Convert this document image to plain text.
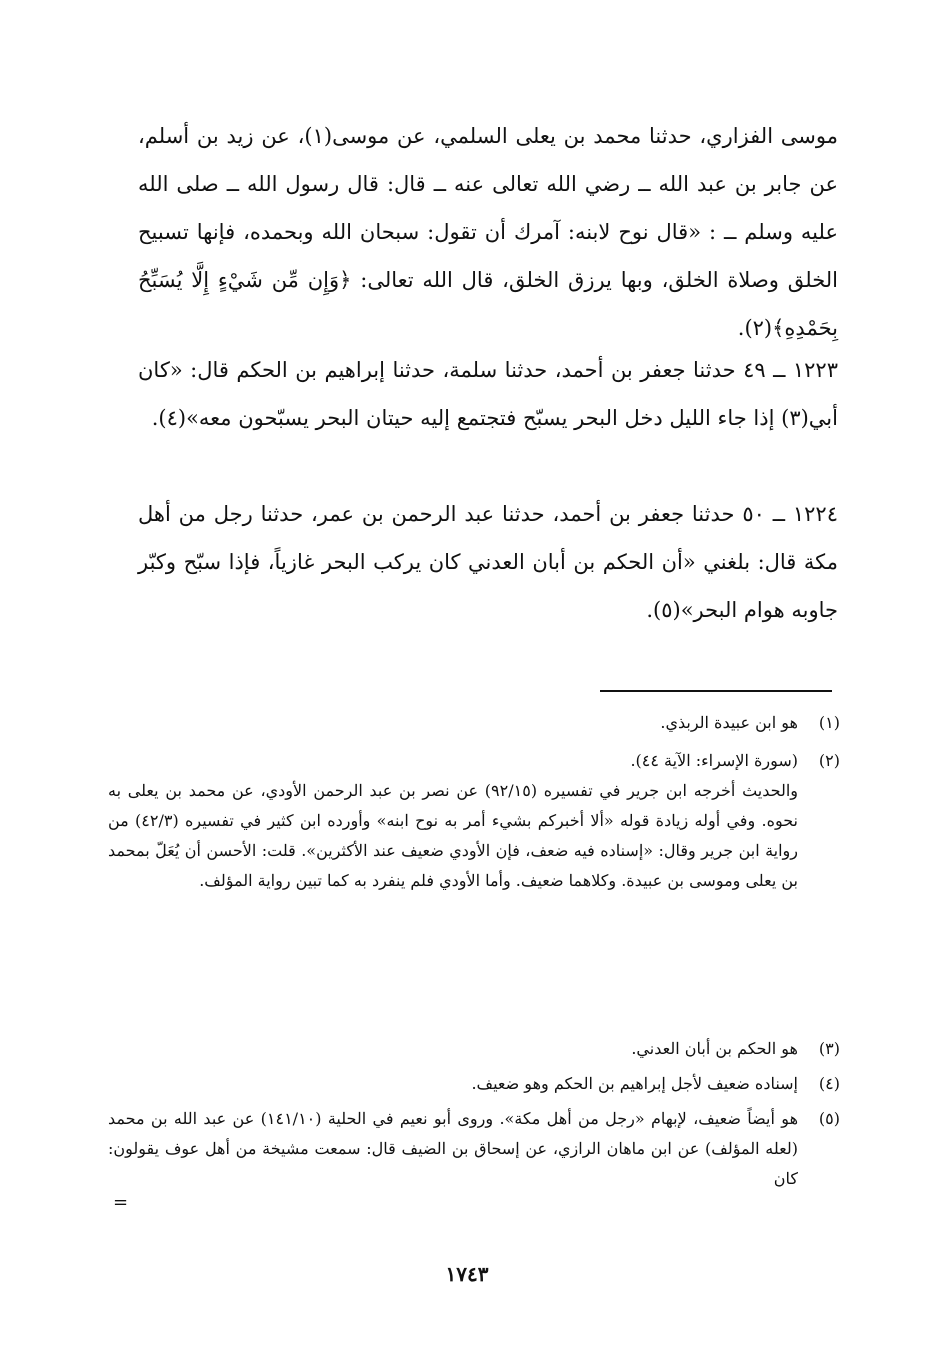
موسى الفزاري، حدثنا محمد بن يعلى السلمي، عن موسى(١)، عن زيد بن أسلم، عن جابر بن عبد الله ــ رضي الله تعالى عنه ــ قال: قال رسول الله ــ صلى الله عليه وسلم ــ : «قال نوح لابنه: آمرك أن تقول: سبحان الله وبحمده، فإنها تسبيح الخلق وصلاة الخلق، وبها يرزق الخلق، قال الله تعالى: ﴿وَإِن مِّن شَيْءٍ إِلَّا يُسَبِّحُ بِحَمْدِهِ﴾(٢).
١٢٢٣ ــ ٤٩ حدثنا جعفر بن أحمد، حدثنا سلمة، حدثنا إبراهيم بن الحكم قال: «كان أبي(٣) إذا جاء الليل دخل البحر يسبّح فتجتمع إليه حيتان البحر يسبّحون معه»(٤).
١٢٢٤ ــ ٥٠ حدثنا جعفر بن أحمد، حدثنا عبد الرحمن بن عمر، حدثنا رجل من أهل مكة قال: بلغني «أن الحكم بن أبان العدني كان يركب البحر غازياً، فإذا سبّح وكبّر جاوبه هوام البحر»(٥).
(١)
هو ابن عبيدة الربذي.
(٢)
(سورة الإسراء: الآية ٤٤).
والحديث أخرجه ابن جرير في تفسيره (٩٢/١٥) عن نصر بن عبد الرحمن الأودي، عن محمد بن يعلى به نحوه. وفي أوله زيادة قوله «ألا أخبركم بشيء أمر به نوح ابنه» وأورده ابن كثير في تفسيره (٤٢/٣) من رواية ابن جرير وقال: «إسناده فيه ضعف، فإن الأودي ضعيف عند الأكثرين». قلت: الأحسن أن يُعَلّ بمحمد بن يعلى وموسى بن عبيدة. وكلاهما ضعيف. وأما الأودي فلم ينفرد به كما تبين رواية المؤلف.
(٣)
هو الحكم بن أبان العدني.
(٤)
إسناده ضعيف لأجل إبراهيم بن الحكم وهو ضعيف.
(٥)
هو أيضاً ضعيف، لإبهام «رجل من أهل مكة». وروى أبو نعيم في الحلية (١٤١/١٠) عن عبد الله بن محمد (لعله المؤلف) عن ابن ماهان الرازي، عن إسحاق بن الضيف قال: سمعت مشيخة من أهل عوف يقولون: كان
=
١٧٤٣
